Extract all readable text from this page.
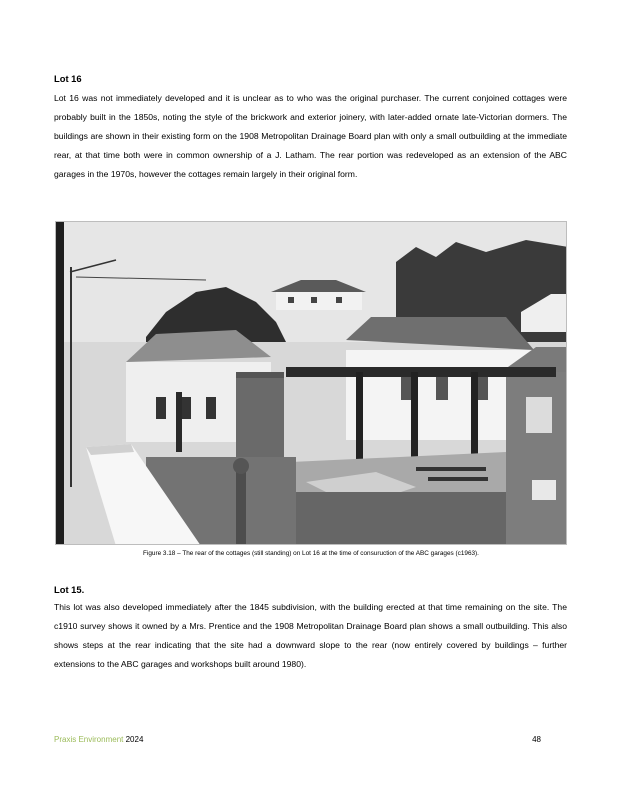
Lot 16

Lot 16 was not immediately developed and it is unclear as to who was the original purchaser. The current conjoined cottages were probably built in the 1850s, noting the style of the brickwork and exterior joinery, with later-added ornate late-Victorian dormers. The buildings are shown in their existing form on the 1908 Metropolitan Drainage Board plan with only a small outbuilding at the immediate rear, at that time both were in common ownership of a J. Latham. The rear portion was redeveloped as an extension of the ABC garages in the 1970s, however the cottages remain largely in their original form.

Figure 3.18 – The rear of the cottages (still standing) on Lot 16 at the time of consuruction of the ABC garages (c1963).

Lot 15.

This lot was also developed immediately after the 1845 subdivision, with the building erected at that time remaining on the site. The c1910 survey shows it owned by a Mrs. Prentice and the 1908 Metropolitan Drainage Board plan shows a small outbuilding. This also shows steps at the rear indicating that the site had a downward slope to the rear (now entirely covered by buildings – further extensions to the ABC garages and workshops built around 1980).

Praxis Environment 2024	48
